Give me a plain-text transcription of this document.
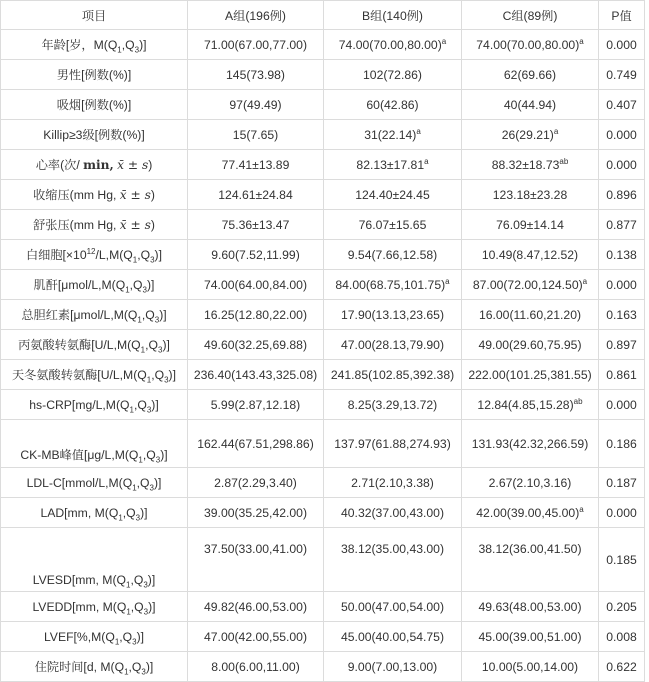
项目	A组(196例)	B组(140例)	C组(89例)	P值
年龄[岁，$M(Q_1,Q_3)$]	71.00(67.00,77.00)	$74.00(70.00,80.00)^a$	$74.00(70.00,80.00)^a$	0.000
男性[例数(%)]	145(73.98)	102(72.86)	62(69.66)	0.749
吸烟[例数(%)]	97(49.49)	60(42.86)	40(44.94)	0.407
Killip≥3级[例数(%)]	15(7.65)	$31(22.14)^a$	$26(29.21)^a$	0.000
心率(次/ min, x̄ ± s)	77.41±13.89	82.13±17.81$^a$	88.32±18.73$^{ab}$	0.000
收缩压(mm Hg, x̄ ± s)	124.61±24.84	124.40±24.45	123.18±23.28	0.896
舒张压(mm Hg, x̄ ± s)	75.36±13.47	76.07±15.65	76.09±14.14	0.877
白细胞$[\times 10^{12}/L,M(Q_1,Q_3)]$	9.60(7.52,11.99)	9.54(7.66,12.58)	10.49(8.47,12.52)	0.138
肌酐$[\mu mol/L,M(Q_1,Q_3)]$	74.00(64.00,84.00)	$84.00(68.75,101.75)^a$	$87.00(72.00,124.50)^a$	0.000
总胆红素$[\mu mol/L,M(Q_1,Q_3)]$	16.25(12.80,22.00)	17.90(13.13,23.65)	16.00(11.60,21.20)	0.163
丙氨酸转氨酶$[U/L,M(Q_1,Q_3)]$	49.60(32.25,69.88)	47.00(28.13,79.90)	49.00(29.60,75.95)	0.897
天冬氨酸转氨酶$[U/L,M(Q_1,Q_3)]$	236.40(143.43,325.08)	241.85(102.85,392.38)	222.00(101.25,381.55)	0.861
$hs-CRP[mg/L,M(Q_1,Q_3)]$	5.99(2.87,12.18)	8.25(3.29,13.72)	$12.84(4.85,15.28)^{ab}$	0.000
CK-MB峰值$[\mu g/L,M(Q_1,Q_3)]$	162.44(67.51,298.86)	137.97(61.88,274.93)	131.93(42.32,266.59)	0.186
LDL-$C[mmol/L,M(Q_1,Q_3)]$	2.87(2.29,3.40)	2.71(2.10,3.38)	2.67(2.10,3.16)	0.187
LAD[mm, $M(Q_1,Q_3)$]	39.00(35.25,42.00)	40.32(37.00,43.00)	$42.00(39.00,45.00)^a$	0.000
LVESD[mm, $M(Q_1,Q_3)$]	37.50(33.00,41.00)	38.12(35.00,43.00)	38.12(36.00,41.50)	0.185
LVEDD[mm, $M(Q_1,Q_3)$]	49.82(46.00,53.00)	50.00(47.00,54.00)	49.63(48.00,53.00)	0.205
$LVEF[\%,M(Q_1,Q_3)]$	47.00(42.00,55.00)	45.00(40.00,54.75)	45.00(39.00,51.00)	0.008
住院时间[d, $M(Q_1,Q_3)$]	8.00(6.00,11.00)	9.00(7.00,13.00)	10.00(5.00,14.00)	0.622
